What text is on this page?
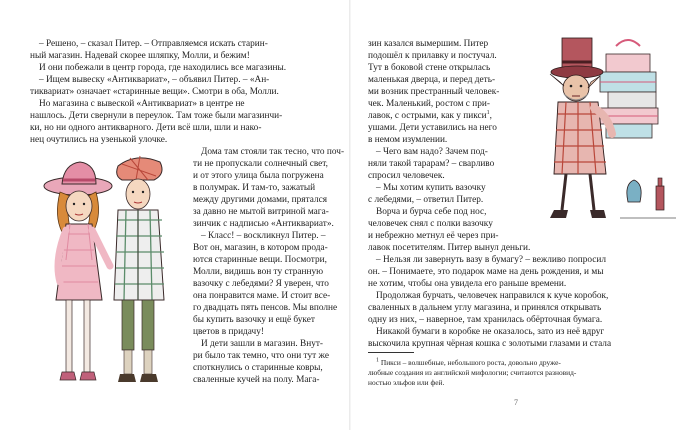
– Решено, – сказал Питер. – Отправляемся искать старин-
ный магазин. Надевай скорее шляпку, Молли, и бежим!
И они побежали в центр города, где находились все магазины.
– Ищем вывеску «Антиквариат», – объявил Питер. – «Ан-
тиквариат» означает «старинные вещи». Смотри в оба, Молли.
Но магазина с вывеской «Антиквариат» в центре не
нашлось. Дети свернули в переулок. Там тоже были магазинчи-
ки, но ни одного антикварного. Дети всё шли, шли и нако-
нец очутились на узенькой улочке.
Дома там стояли так тесно, что поч-
ти не пропускали солнечный свет,
и от этого улица была погружена
в полумрак. И там-то, зажатый
между другими домами, прятался
за давно не мытой витриной мага-
зинчик с надписью «Антиквариат».
– Класс! – воскликнул Питер. –
Вот он, магазин, в котором прода-
ются старинные вещи. Посмотри,
Молли, видишь вон ту странную
вазочку с лебедями? Я уверен, что
она понравится маме. И стоит все-
го двадцать пять пенсов. Мы вполне
бы купить вазочку и ещё букет
цветов в придачу!
И дети зашли в магазин. Внут-
ри было так темно, что они тут же
споткнулись о старинные ковры,
сваленные кучей на полу. Мага-
зин казался вымершим. Питер
подошёл к прилавку и постучал.
Тут в боковой стене открылась
маленькая дверца, и перед деть-
ми возник престранный человек-
чек. Маленький, ростом с при-
лавок, с острыми, как у пикси$^1$,
ушами. Дети уставились на него
в немом изумлении.
– Чего вам надо? Зачем под-
няли такой тарарам? – сварливо
спросил человечек.
– Мы хотим купить вазочку
с лебедями, – ответил Питер.
Ворча и бурча себе под нос,
человечек снял с полки вазочку
и небрежно метнул её через при-
лавок посетителям. Питер вынул деньги.
– Нельзя ли завернуть вазу в бумагу? – вежливо попросил
он. – Понимаете, это подарок маме на день рождения, и мы
не хотим, чтобы она увидела его раньше времени.
Продолжая бурчать, человечек направился к куче коробок,
сваленных в дальнем углу магазина, и принялся открывать
одну из них, – наверное, там хранилась обёрточная бумага.
Никакой бумаги в коробке не оказалось, зато из неё вдруг
выскочила крупная чёрная кошка с золотыми глазами и стала
$^1$ Пикси – волшебные, небольшого роста, довольно друже-
любные создания из английской мифологии; считаются разновид-
ностью эльфов или фей.
7
